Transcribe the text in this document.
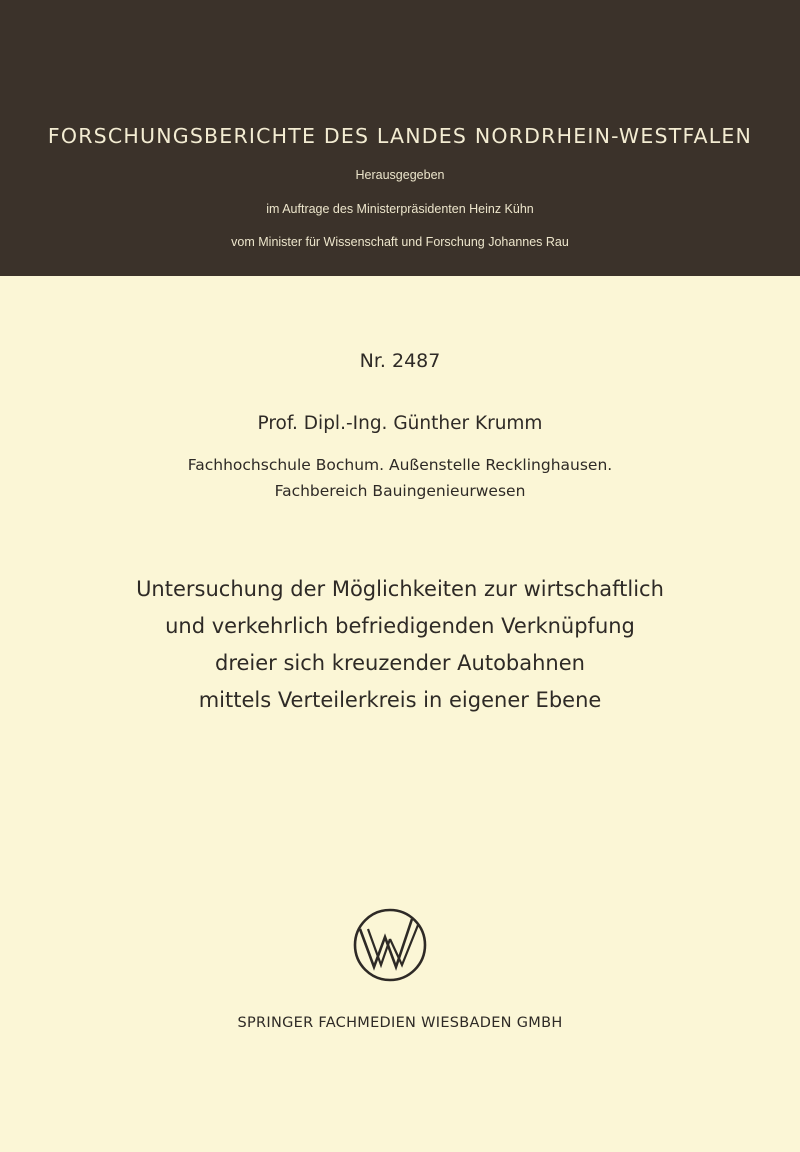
FORSCHUNGSBERICHTE DES LANDES NORDRHEIN-WESTFALEN
Herausgegeben
im Auftrage des Ministerpräsidenten Heinz Kühn
vom Minister für Wissenschaft und Forschung Johannes Rau
Nr. 2487
Prof. Dipl.-Ing. Günther Krumm
Fachhochschule Bochum. Außenstelle Recklinghausen.
Fachbereich Bauingenieurwesen
Untersuchung der Möglichkeiten zur wirtschaftlich
und verkehrlich befriedigenden Verknüpfung
dreier sich kreuzender Autobahnen
mittels Verteilerkreis in eigener Ebene
SPRINGER FACHMEDIEN WIESBADEN GMBH
